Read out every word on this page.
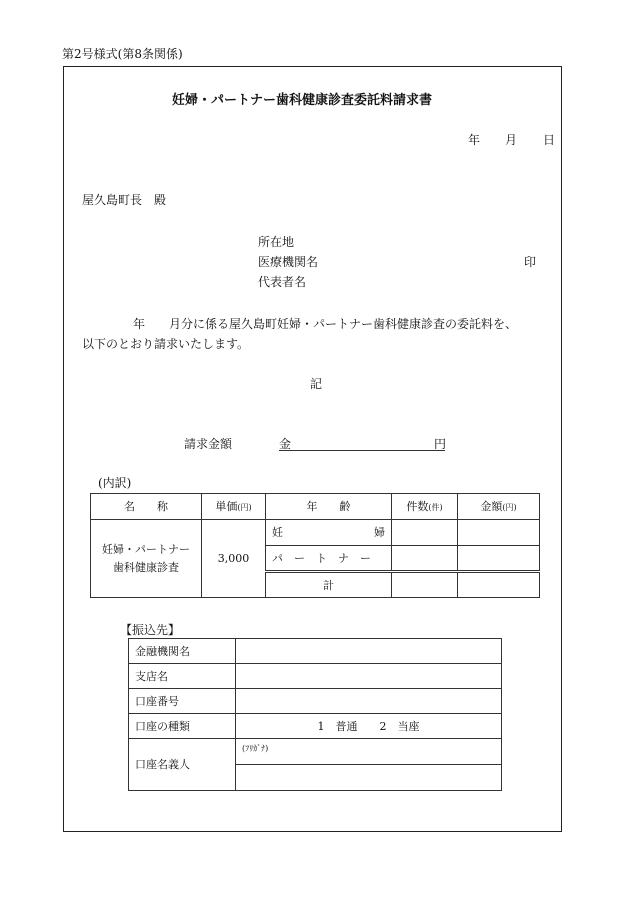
第2号様式(第8条関係)
妊婦・パートナー歯科健康診査委託料請求書
年 月 日
屋久島町長　殿
所在地
医療機関名	印
代表者名
年　　月分に係る屋久島町妊婦・パートナー歯科健康診査の委託料を、
以下のとおり請求いたします。
記
請求金額	金	円
(内訳)
名　　称	単価(円)	年　　齢	件数(件)	金額(円)
妊婦・パートナー
歯科健康診査	3,000	妊 婦		

		パ　ー　ト　ナ　ー		
		計		
【振込先】
金融機関名	
支店名	
口座番号	
口座の種類	1　普通　　2　当座
口座名義人	(ﾌﾘｶﾞﾅ)
